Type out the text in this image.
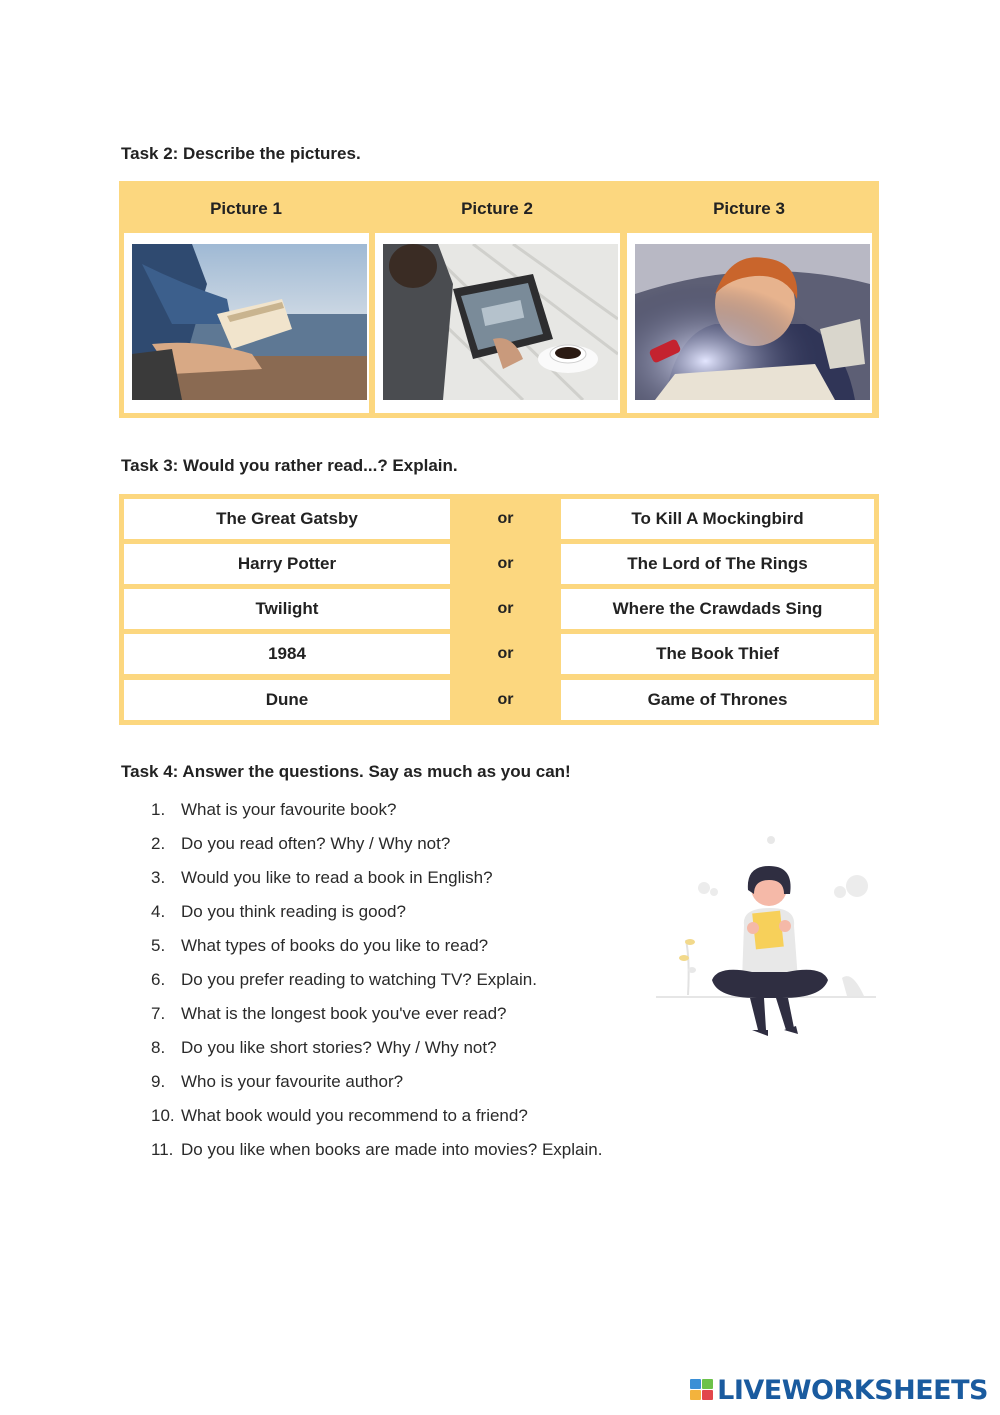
Task 2: Describe the pictures.
Picture 1	Picture 2	Picture 3
Task 3: Would you rather read...? Explain.
The Great Gatsby	or	To Kill A Mockingbird
Harry Potter	or	The Lord of The Rings
Twilight	or	Where the Crawdads Sing
1984	or	The Book Thief
Dune	or	Game of Thrones
Task 4: Answer the questions. Say as much as you can!
1. What is your favourite book?
2. Do you read often? Why / Why not?
3. Would you like to read a book in English?
4. Do you think reading is good?
5. What types of books do you like to read?
6. Do you prefer reading to watching TV? Explain.
7. What is the longest book you've ever read?
8. Do you like short stories? Why / Why not?
9. Who is your favourite author?
10. What book would you recommend to a friend?
11. Do you like when books are made into movies? Explain.
LIVEWORKSHEETS
